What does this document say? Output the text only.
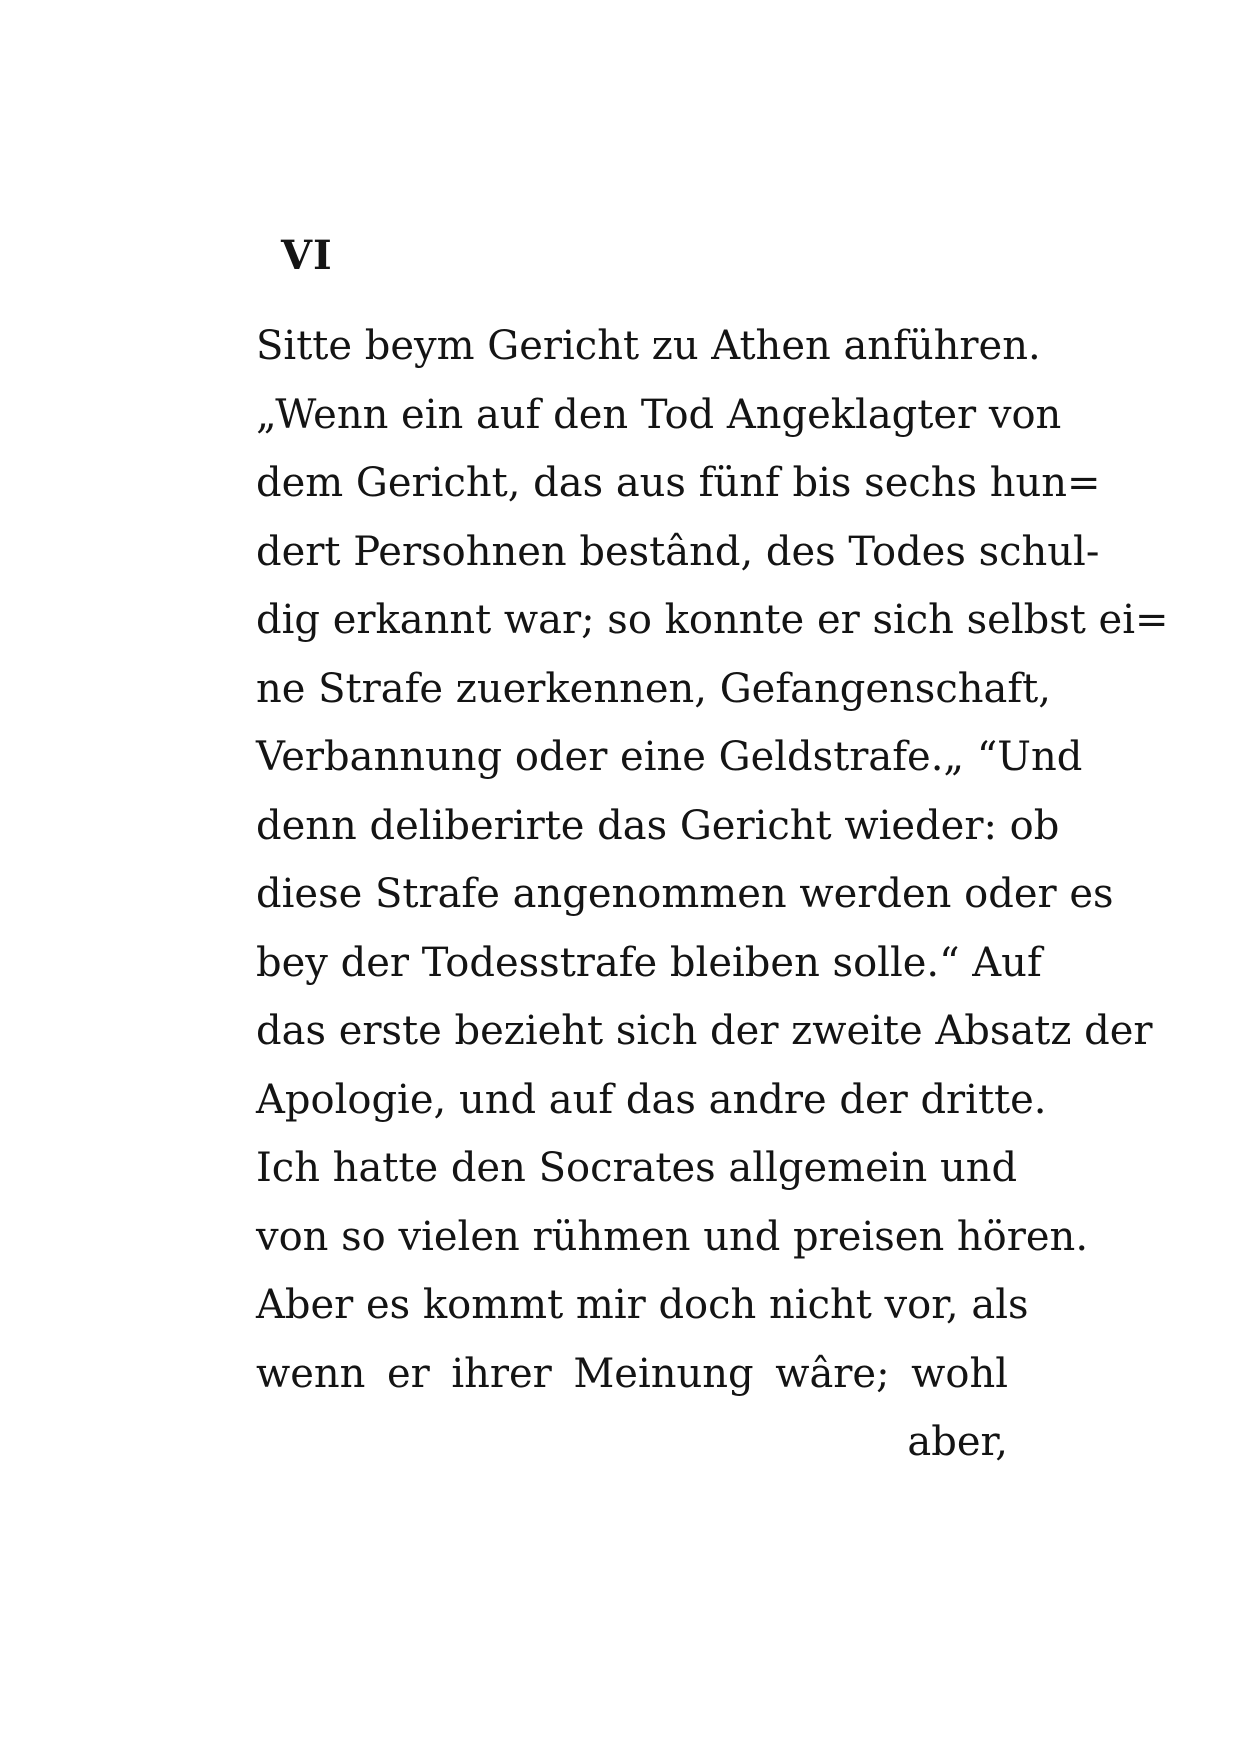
VI
Sitte beym Gericht zu Athen anführen.
„Wenn ein auf den Tod Angeklagter von
dem Gericht, das aus fünf bis sechs hun=
dert Persohnen bestând, des Todes schul-
dig erkannt war; so konnte er sich selbst ei=
ne Strafe zuerkennen, Gefangenschaft,
Verbannung oder eine Geldstrafe.„ “Und
denn deliberirte das Gericht wieder: ob
diese Strafe angenommen werden oder es
bey der Todesstrafe bleiben solle.“ Auf
das erste bezieht sich der zweite Absatz der
Apologie, und auf das andre der dritte.
Ich hatte den Socrates allgemein und
von so vielen rühmen und preisen hören.
Aber es kommt mir doch nicht vor, als
wenn er ihrer Meinung wâre; wohl
aber,
